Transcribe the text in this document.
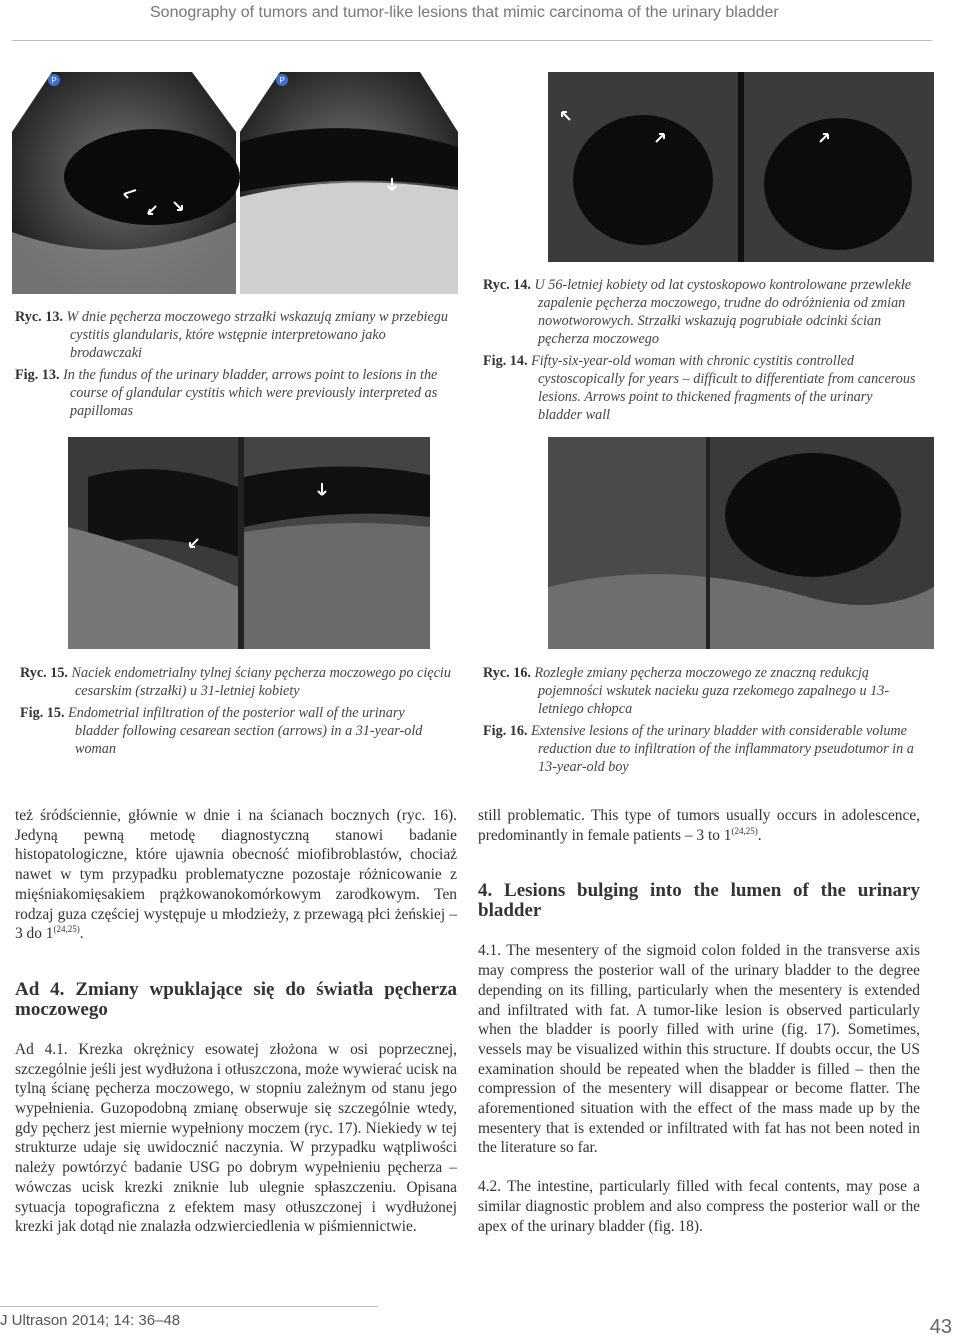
Sonography of tumors and tumor-like lesions that mimic carcinoma of the urinary bladder
P	P
Ryc. 13. W dnie pęcherza moczowego strzałki wskazują zmiany w przebiegu cystitis glandularis, które wstępnie interpretowano jako brodawczaki
Fig. 13. In the fundus of the urinary bladder, arrows point to lesions in the course of glandular cystitis which were previously interpreted as papillomas
Ryc. 14. U 56-letniej kobiety od lat cystoskopowo kontrolowane przewlekłe zapalenie pęcherza moczowego, trudne do odróżnienia od zmian nowotworowych. Strzałki wskazują pogrubiałe odcinki ścian pęcherza moczowego
Fig. 14. Fifty-six-year-old woman with chronic cystitis controlled cystoscopically for years – difficult to differentiate from cancerous lesions. Arrows point to thickened fragments of the urinary bladder wall
Ryc. 15. Naciek endometrialny tylnej ściany pęcherza moczowego po cięciu cesarskim (strzałki) u 31-letniej kobiety
Fig. 15. Endometrial infiltration of the posterior wall of the urinary bladder following cesarean section (arrows) in a 31-year-old woman
Ryc. 16. Rozległe zmiany pęcherza moczowego ze znaczną redukcją pojemności wskutek nacieku guza rzekomego zapalnego u 13-letniego chłopca
Fig. 16. Extensive lesions of the urinary bladder with considerable volume reduction due to infiltration of the inflammatory pseudotumor in a 13-year-old boy

też śródściennie, głównie w dnie i na ścianach bocznych (ryc. 16). Jedyną pewną metodę diagnostyczną stanowi badanie histopatologiczne, które ujawnia obecność miofibroblastów, chociaż nawet w tym przypadku problematyczne pozostaje różnicowanie z mięśniakomięsakiem prążkowanokomórkowym zarodkowym. Ten rodzaj guza częściej występuje u młodzieży, z przewagą płci żeńskiej – 3 do 1$^{(24,25)}$.

Ad 4. Zmiany wpuklające się do światła pęcherza moczowego

Ad 4.1. Krezka okrężnicy esowatej złożona w osi poprzecznej, szczególnie jeśli jest wydłużona i otłuszczona, może wywierać ucisk na tylną ścianę pęcherza moczowego, w stopniu zależnym od stanu jego wypełnienia. Guzopodobną zmianę obserwuje się szczególnie wtedy, gdy pęcherz jest miernie wypełniony moczem (ryc. 17). Niekiedy w tej strukturze udaje się uwidocznić naczynia. W przypadku wątpliwości należy powtórzyć badanie USG po dobrym wypełnieniu pęcherza – wówczas ucisk krezki zniknie lub ulegnie spłaszczeniu. Opisana sytuacja topograficzna z efektem masy otłuszczonej i wydłużonej krezki jak dotąd nie znalazła odzwierciedlenia w piśmiennictwie.

still problematic. This type of tumors usually occurs in adolescence, predominantly in female patients – 3 to 1$^{(24,25)}$.

4. Lesions bulging into the lumen of the urinary bladder

4.1. The mesentery of the sigmoid colon folded in the transverse axis may compress the posterior wall of the urinary bladder to the degree depending on its filling, particularly when the mesentery is extended and infiltrated with fat. A tumor-like lesion is observed particularly when the bladder is poorly filled with urine (fig. 17). Sometimes, vessels may be visualized within this structure. If doubts occur, the US examination should be repeated when the bladder is filled – then the compression of the mesentery will disappear or become flatter. The aforementioned situation with the effect of the mass made up by the mesentery that is extended or infiltrated with fat has not been noted in the literature so far.

4.2. The intestine, particularly filled with fecal contents, may pose a similar diagnostic problem and also compress the posterior wall or the apex of the urinary bladder (fig. 18).

J Ultrason 2014; 14: 36–48	43
